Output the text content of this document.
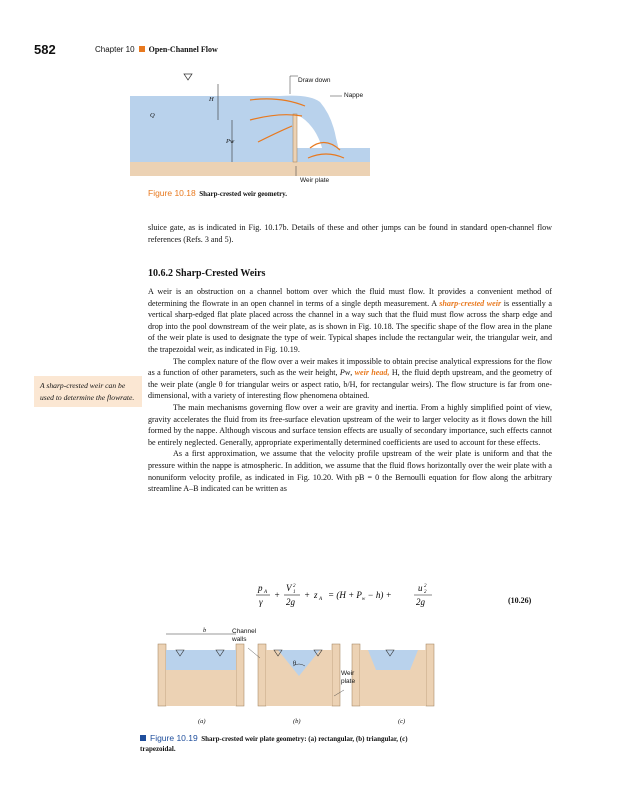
582	Chapter 10 Open-Channel Flow
Draw down
Nappe
H
Q
Pw
Weir plate
Figure 10.18 Sharp-crested weir geometry.
sluice gate, as is indicated in Fig. 10.17b. Details of these and other jumps can be found in standard open-channel flow references (Refs. 3 and 5).
10.6.2 Sharp-Crested Weirs

A weir is an obstruction on a channel bottom over which the fluid must flow. It provides a convenient method of determining the flowrate in an open channel in terms of a single depth measurement. A sharp-crested weir is essentially a vertical sharp-edged flat plate placed across the channel in a way such that the fluid must flow across the sharp edge and drop into the pool downstream of the weir plate, as is shown in Fig. 10.18. The specific shape of the flow area in the plane of the weir plate is used to designate the type of weir. Typical shapes include the rectangular weir, the triangular weir, and the trapezoidal weir, as indicated in Fig. 10.19.

The complex nature of the flow over a weir makes it impossible to obtain precise analytical expressions for the flow as a function of other parameters, such as the weir height, Pw, weir head, H, the fluid depth upstream, and the geometry of the weir plate (angle θ for triangular weirs or aspect ratio, b/H, for rectangular weirs). The flow structure is far from one-dimensional, with a variety of interesting flow phenomena obtained.

The main mechanisms governing flow over a weir are gravity and inertia. From a highly simplified point of view, gravity accelerates the fluid from its free-surface elevation upstream of the weir to larger velocity as it flows down the hill formed by the nappe. Although viscous and surface tension effects are usually of secondary importance, such effects cannot be entirely neglected. Generally, appropriate experimentally determined coefficients are used to account for these effects.

As a first approximation, we assume that the velocity profile upstream of the weir plate is uniform and that the pressure within the nappe is atmospheric. In addition, we assume that the fluid flows horizontally over the weir plate with a nonuniform velocity profile, as indicated in Fig. 10.20. With pB = 0 the Bernoulli equation for flow along the arbitrary streamline A–B indicated can be written as

A sharp-crested weir can be used to determine the flowrate.
p A
γ
+
V 2
1
2g
+ z $A = (H + P_w - h)$ +
u 2
2
2g	(10.26)
b	Channel walls
θ
Weir plate
(a)	(b)	(c)
Figure 10.19 Sharp-crested weir plate geometry: (a) rectangular, (b) triangular, (c) trapezoidal.
